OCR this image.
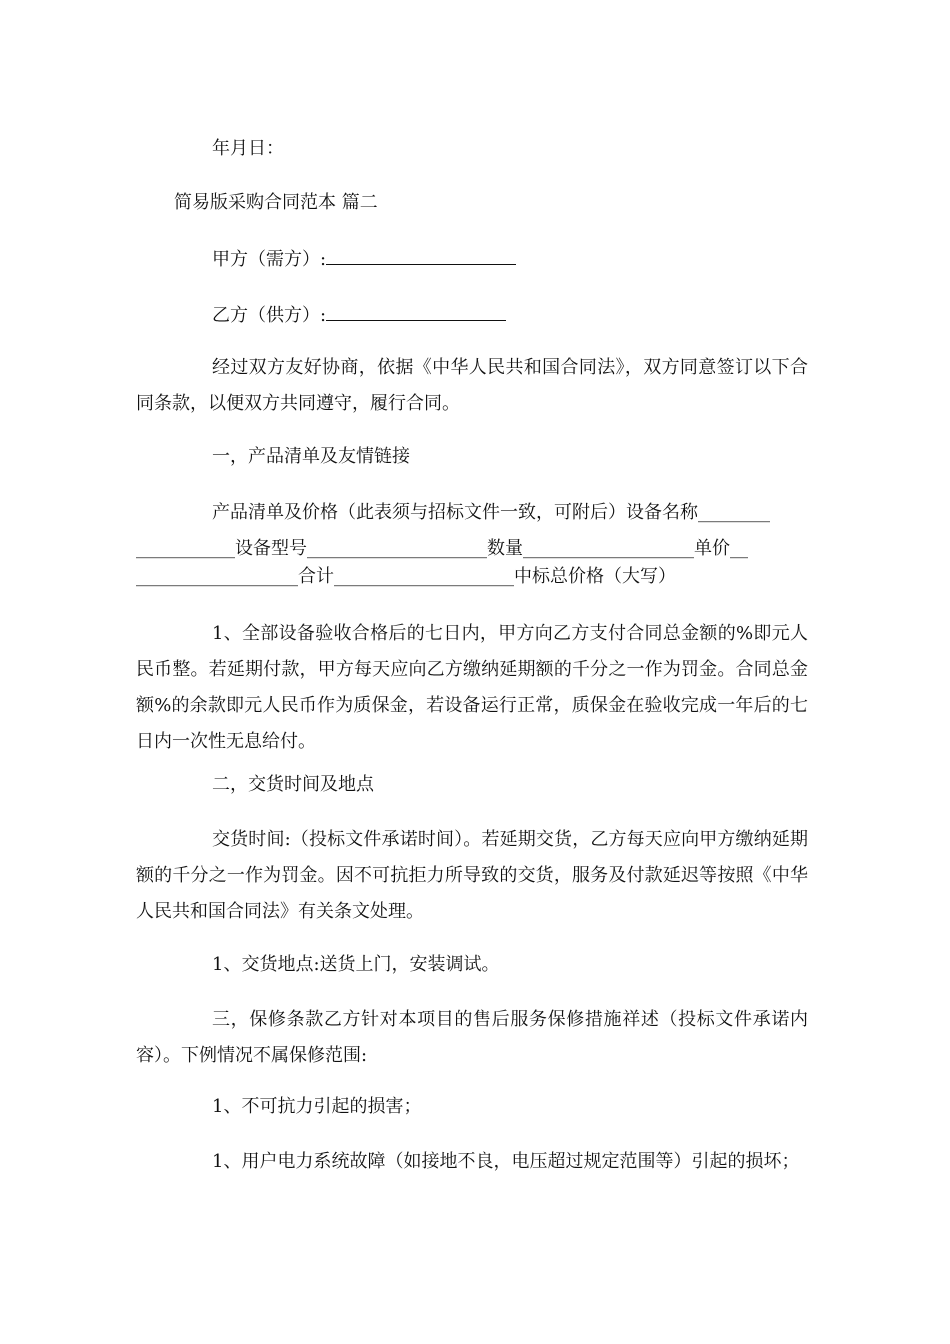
年月日：
简易版采购合同范本 篇二
甲方（需方）:
乙方（供方）:
经过双方友好协商，依据《中华人民共和国合同法》，双方同意签订以下合同条款，以便双方共同遵守，履行合同。
一，产品清单及友情链接
产品清单及价格（此表须与招标文件一致，可附后）设备名称________
___________设备型号____________________数量___________________单价__
__________________合计____________________中标总价格（大写）
1、全部设备验收合格后的七日内，甲方向乙方支付合同总金额的%即元人民币整。若延期付款，甲方每天应向乙方缴纳延期额的千分之一作为罚金。合同总金额%的余款即元人民币作为质保金，若设备运行正常，质保金在验收完成一年后的七日内一次性无息给付。
二，交货时间及地点
交货时间:（投标文件承诺时间）。若延期交货，乙方每天应向甲方缴纳延期额的千分之一作为罚金。因不可抗拒力所导致的交货，服务及付款延迟等按照《中华人民共和国合同法》有关条文处理。
1、交货地点:送货上门，安装调试。
三，保修条款乙方针对本项目的售后服务保修措施祥述（投标文件承诺内容）。下例情况不属保修范围:
1、不可抗力引起的损害；
1、用户电力系统故障（如接地不良，电压超过规定范围等）引起的损坏；
